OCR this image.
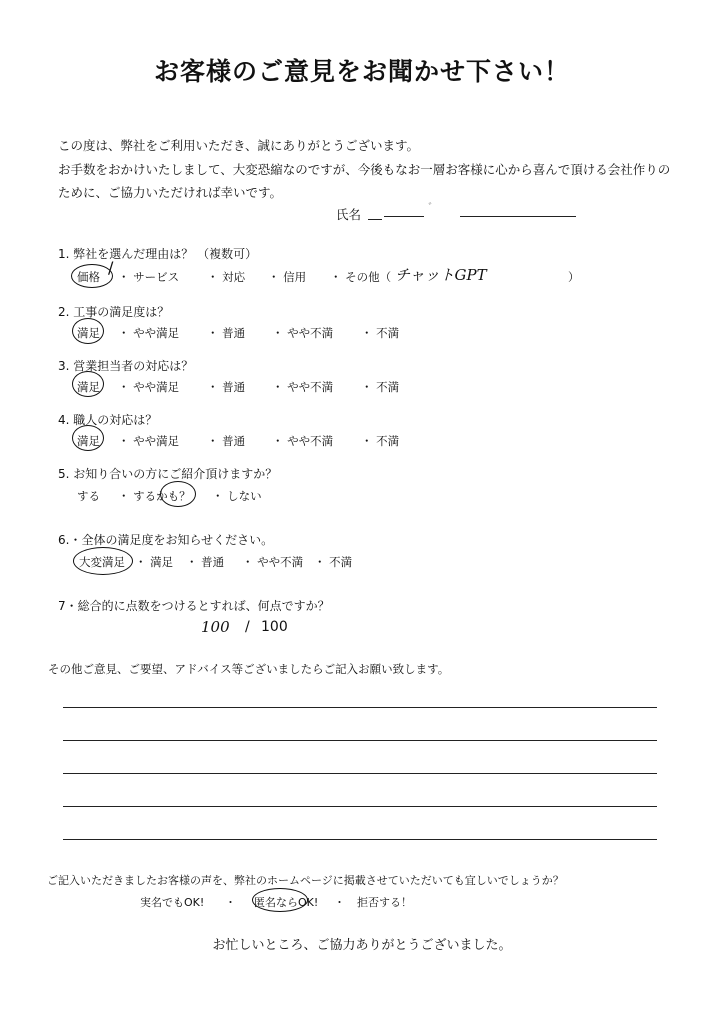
お客様のご意見をお聞かせ下さい！
この度は、弊社をご利用いただき、誠にありがとうございます。
お手数をおかけいたしまして、大変恐縮なのですが、今後もなお一層お客様に心から喜んで頂ける会社作りの
ために、ご協力いただければ幸いです。
氏名	ﾞ
1. 弊社を選んだ理由は？ （複数可）
価格 / ・ サービス ・ 対応 ・ 信用 ・ その他（ チャットGPT	）
2. 工事の満足度は？
満足 ・ やや満足 ・ 普通 ・ やや不満 ・ 不満
3. 営業担当者の対応は？
満足 ・ やや満足 ・ 普通 ・ やや不満 ・ 不満
4. 職人の対応は？
満足 ・ やや満足 ・ 普通 ・ やや不満 ・ 不満
5. お知り合いの方にご紹介頂けますか？
する ・ するかも？ ・ しない
6.・全体の満足度をお知らせください。
大変満足 ・ 満足 ・ 普通 ・ やや不満 ・ 不満
7・総合的に点数をつけるとすれば、何点ですか？
100 / 100
その他ご意見、ご要望、アドバイス等ございましたらご記入お願い致します。
ご記入いただきましたお客様の声を、弊社のホームページに掲載させていただいても宜しいでしょうか？
実名でもOK! ・ 匿名ならOK! ・ 拒否する！
お忙しいところ、ご協力ありがとうございました。
